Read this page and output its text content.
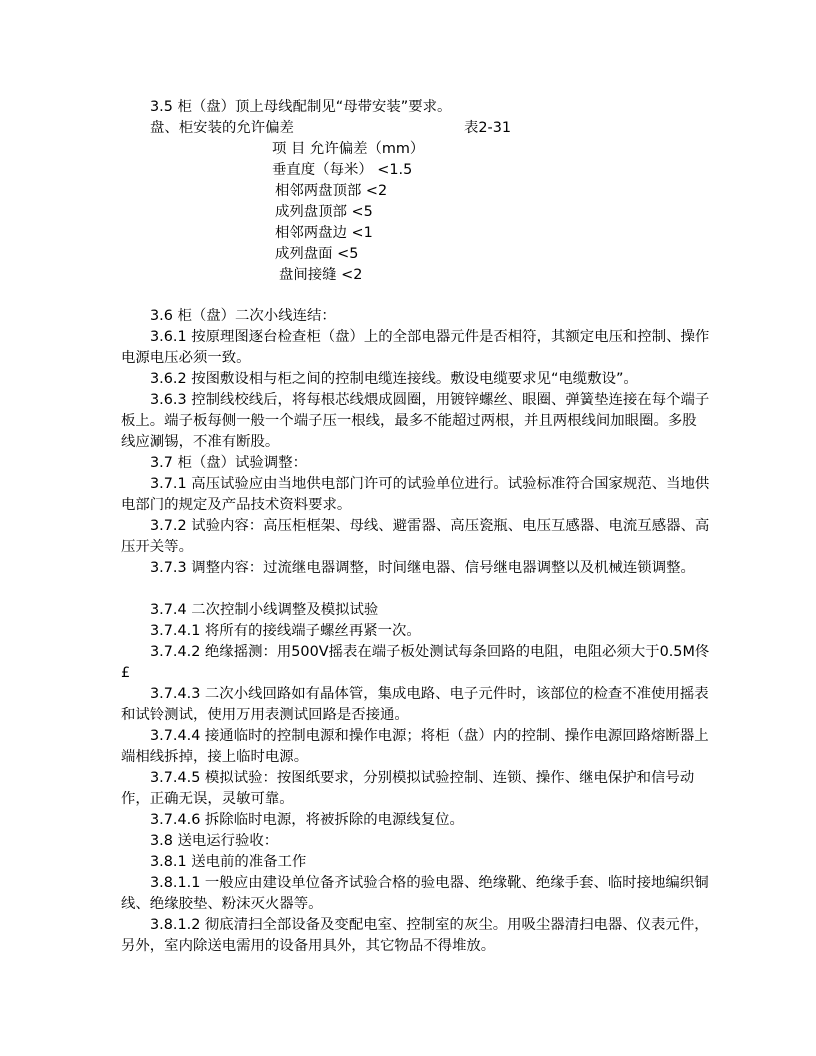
3.5 柜（盘）顶上母线配制见“母带安装”要求。
盘、柜安装的允许偏差	表2-31
项 目 允许偏差（mm）
垂直度（每米） <1.5
相邻两盘顶部 <2
成列盘顶部 <5
相邻两盘边 <1
成列盘面 <5
盘间接缝 <2
3.6 柜（盘）二次小线连结：
3.6.1 按原理图逐台检查柜（盘）上的全部电器元件是否相符，其额定电压和控制、操作电源电压必须一致。
3.6.2 按图敷设相与柜之间的控制电缆连接线。敷设电缆要求见“电缆敷设”。
3.6.3 控制线校线后，将每根芯线煨成圆圈，用镀锌螺丝、眼圈、弹簧垫连接在每个端子板上。端子板每侧一般一个端子压一根线，最多不能超过两根，并且两根线间加眼圈。多股线应涮锡，不准有断股。
3.7 柜（盘）试验调整：
3.7.1 高压试验应由当地供电部门许可的试验单位进行。试验标准符合国家规范、当地供电部门的规定及产品技术资料要求。
3.7.2 试验内容：高压柜框架、母线、避雷器、高压瓷瓶、电压互感器、电流互感器、高压开关等。
3.7.3 调整内容：过流继电器调整，时间继电器、信号继电器调整以及机械连锁调整。
3.7.4 二次控制小线调整及模拟试验
3.7.4.1 将所有的接线端子螺丝再紧一次。
3.7.4.2 绝缘摇测：用500V摇表在端子板处测试每条回路的电阻，电阻必须大于0.5M佟£
3.7.4.3 二次小线回路如有晶体管，集成电路、电子元件时，该部位的检查不准使用摇表和试铃测试，使用万用表测试回路是否接通。
3.7.4.4 接通临时的控制电源和操作电源；将柜（盘）内的控制、操作电源回路熔断器上端相线拆掉，接上临时电源。
3.7.4.5 模拟试验：按图纸要求，分别模拟试验控制、连锁、操作、继电保护和信号动作，正确无误，灵敏可靠。
3.7.4.6 拆除临时电源，将被拆除的电源线复位。
3.8 送电运行验收：
3.8.1 送电前的准备工作
3.8.1.1 一般应由建设单位备齐试验合格的验电器、绝缘靴、绝缘手套、临时接地编织铜线、绝缘胶垫、粉沫灭火器等。
3.8.1.2 彻底清扫全部设备及变配电室、控制室的灰尘。用吸尘器清扫电器、仪表元件，另外，室内除送电需用的设备用具外，其它物品不得堆放。
